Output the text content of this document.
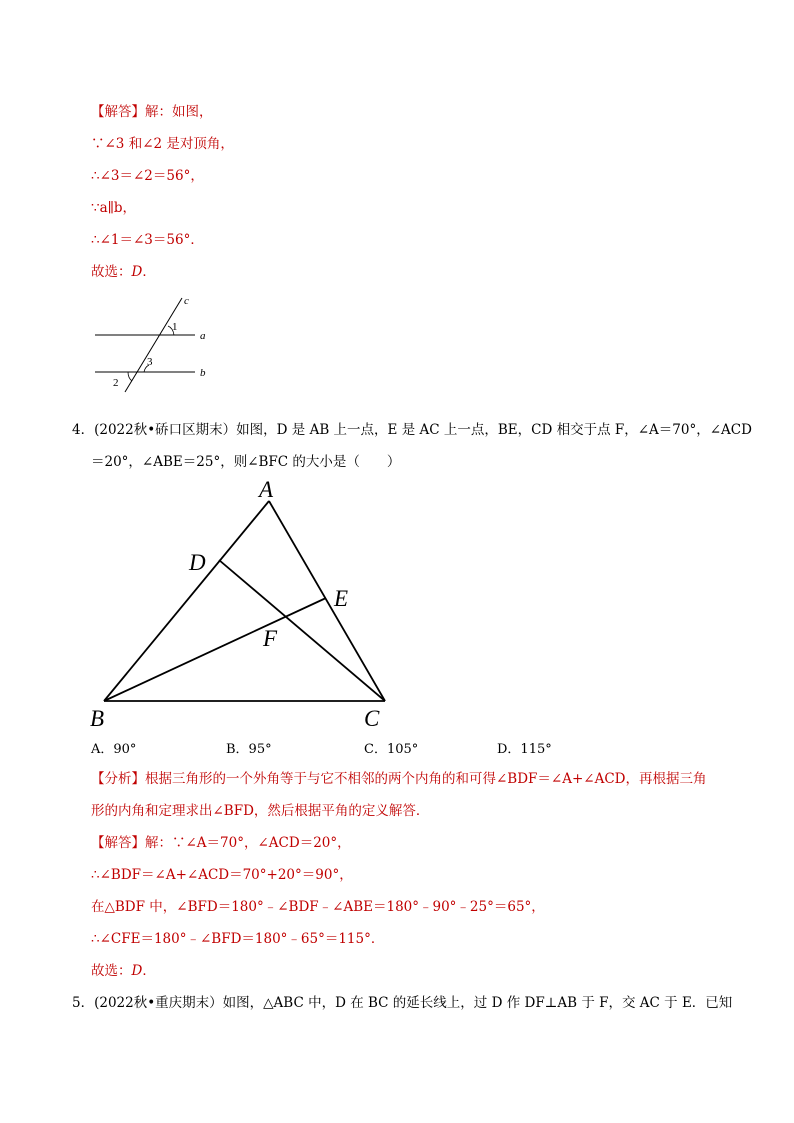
【解答】解：如图，
∵∠3 和∠2 是对顶角，
∴∠3＝∠2＝56°，
∵a∥b，
∴∠1＝∠3＝56°．
故选：D．
c
a
b
1
3
2
4．(2022秋•硚口区期末）如图，D 是 AB 上一点，E 是 AC 上一点，BE，CD 相交于点 F，∠A＝70°，∠ACD
＝20°，∠ABE＝25°，则∠BFC 的大小是（　　）
A
D
E
F
B	C
A．90°	B．95°	C．105°	D．115°
【分析】根据三角形的一个外角等于与它不相邻的两个内角的和可得∠BDF＝∠A+∠ACD，再根据三角
形的内角和定理求出∠BFD，然后根据平角的定义解答．
【解答】解：∵∠A＝70°，∠ACD＝20°，
∴∠BDF＝∠A+∠ACD＝70°+20°＝90°，
在△BDF 中，∠BFD＝180°﹣∠BDF﹣∠ABE＝180°﹣90°﹣25°＝65°，
∴∠CFE＝180°﹣∠BFD＝180°﹣65°＝115°．
故选：D．
5．(2022秋•重庆期末）如图，△ABC 中，D 在 BC 的延长线上，过 D 作 DF⊥AB 于 F，交 AC 于 E．已知
